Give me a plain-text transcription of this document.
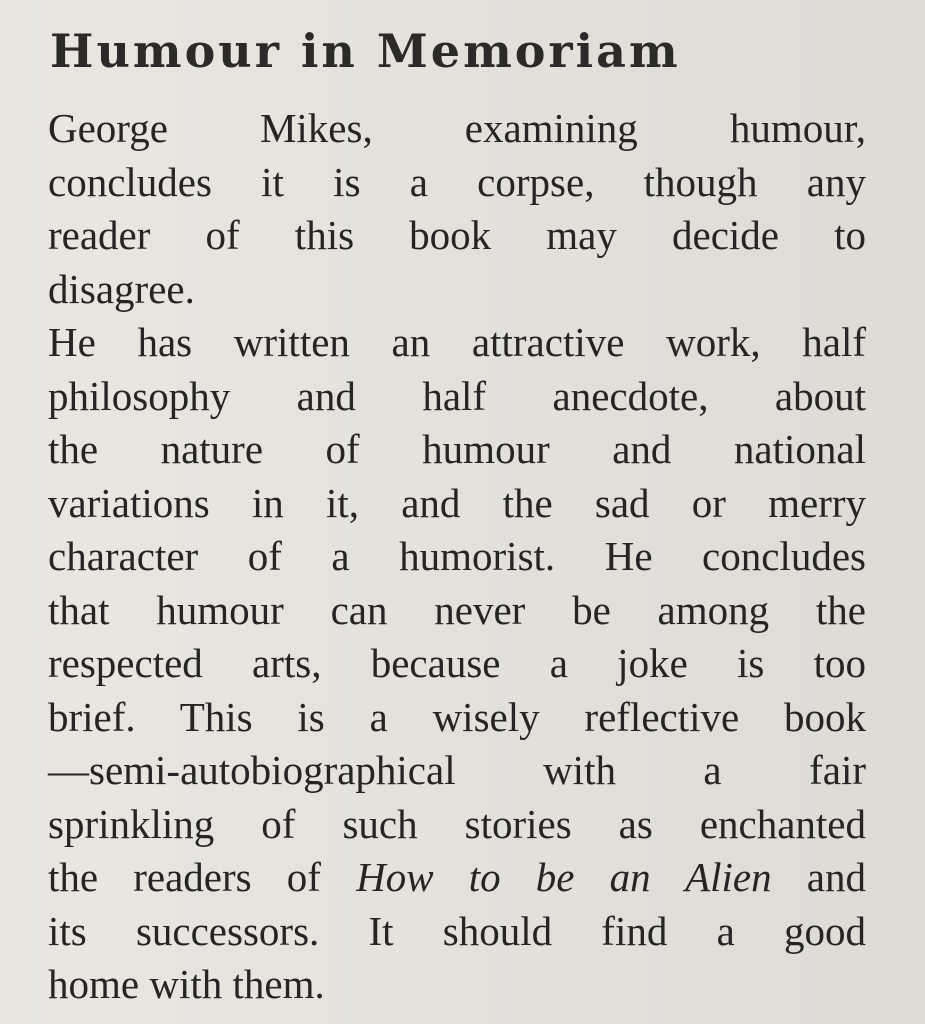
Humour in Memoriam

George Mikes, examining humour,
concludes it is a corpse, though any
reader of this book may decide to
disagree.

He has written an attractive work, half
philosophy and half anecdote, about
the nature of humour and national
variations in it, and the sad or merry
character of a humorist. He concludes
that humour can never be among the
respected arts, because a joke is too
brief. This is a wisely reflective book
—semi-autobiographical with a fair
sprinkling of such stories as enchanted
the readers of How to be an Alien and
its successors. It should find a good
home with them.
